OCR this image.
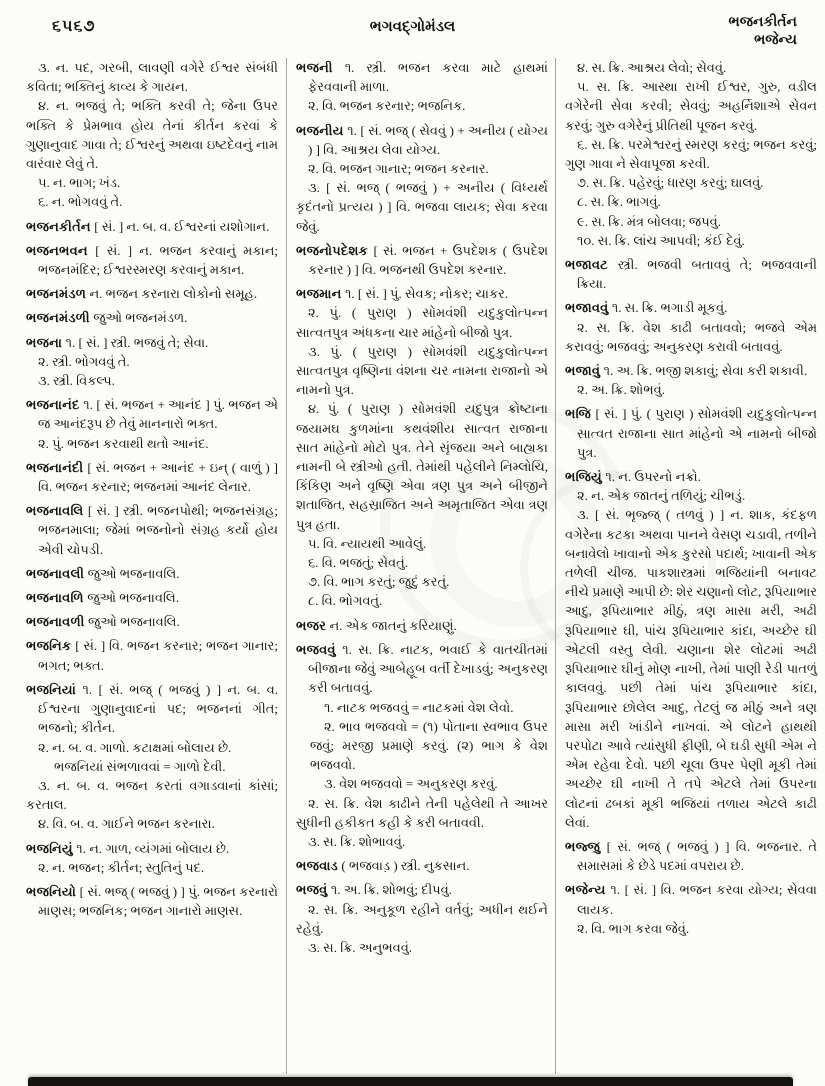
૬૫૬૭	ભગવદ્ગોમંડલ	ભજનકીર્તન
ભજેન્ય
૩. ન. પદ, ગરબી, લાવણી વગેરે ઈશ્વર સંબંધી કવિતા; ભક્તિનું કાવ્ય કે ગાયન.
૪. ન. ભજવું તે; ભક્તિ કરવી તે; જેના ઉપર ભક્તિ કે પ્રેમભાવ હોય તેનાં કીર્તન કરવાં કે ગુણાનુવાદ ગાવા તે; ઈશ્વરનું અથવા ઇષ્ટદેવનું નામ વારંવાર લેવું તે.
૫. ન. ભાગ; ખંડ.
૬. ન. ભોગવવું તે.
ભજનકીર્તન [ સં. ] ન. બ. વ. ઈશ્વરનાં યશોગાન.
ભજનભવન [ સં. ] ન. ભજન કરવાનું મકાન; ભજનમંદિર; ઈશ્વરસ્મરણ કરવાનું મકાન.
ભજનમંડળ ન. ભજન કરનારા લોકોનો સમૂહ.
ભજનમંડળી જુઓ ભજનમંડળ.
ભજના ૧. [ સં. ] સ્ત્રી. ભજવું તે; સેવા.
૨. સ્ત્રી. ભોગવવું તે.
૩. સ્ત્રી. વિકલ્પ.
ભજનાનંદ ૧. [ સં. ભજન + આનંદ ] પું. ભજન એ જ આનંદરૂપ છે તેવું માનનારો ભક્ત.
૨. પું. ભજન કરવાથી થતો આનંદ.
ભજનાનંદી [ સં. ભજન + આનંદ + ઇન્ ( વાળું ) ] વિ. ભજન કરનાર; ભજનમાં આનંદ લેનાર.
ભજનાવલિ [ સં. ] સ્ત્રી. ભજનપોથી; ભજનસંગ્રહ; ભજનમાલા; જેમાં ભજનોનો સંગ્રહ કર્યો હોય એવી ચોપડી.
ભજનાવલી જુઓ ભજનાવલિ.
ભજનાવળિ જુઓ ભજનાવલિ.
ભજનાવળી જુઓ ભજનાવલિ.
ભજનિક [ સં. ] વિ. ભજન કરનાર; ભજન ગાનાર; ભગત; ભક્ત.
ભજનિયાં ૧. [ સં. ભજ્ ( ભજવું ) ] ન. બ. વ. ઈશ્વરના ગુણાનુવાદનાં પદ; ભજનનાં ગીત; ભજનો; કીર્તન.
૨. ન. બ. વ. ગાળો. કટાક્ષમાં બોલાય છે.
ભજનિયાં સંભળાવવાં = ગાળો દેવી.
૩. ન. બ. વ. ભજન કરતાં વગાડવાનાં કાંસાં; કરતાલ.
૪. વિ. બ. વ. ગાઈને ભજન કરનારા.
ભજનિયું ૧. ન. ગાળ, વ્યંગમાં બોલાય છે.
૨. ન. ભજન; કીર્તન; સ્તુતિનું પદ.
ભજનિયો [ સં. ભજ્ ( ભજવું ) ] પું. ભજન કરનારો માણસ; ભજનિક; ભજન ગાનારો માણસ.
ભજની ૧. સ્ત્રી. ભજન કરવા માટે હાથમાં ફેરવવાની માળા.
૨. વિ. ભજન કરનાર; ભજનિક.
ભજનીય ૧. [ સં. ભજ્ ( સેવવું ) + અનીય ( યોગ્ય ) ] વિ. આશ્રય લેવા યોગ્ય.
૨. વિ. ભજન ગાનાર; ભજન કરનાર.
૩. [ સં. ભજ્ ( ભજવું ) + અનીય ( વિધ્યર્થ કૃદંતનો પ્રત્યય ) ] વિ. ભજવા લાયક; સેવા કરવા જેવું.
ભજનોપદેશક [ સં. ભજન + ઉપદેશક ( ઉપદેશ કરનાર ) ] વિ. ભજનથી ઉપદેશ કરનાર.
ભજમાન ૧. [ સં. ] પું. સેવક; નોકર; ચાકર.
૨. પું. ( પુરાણ ) સોમવંશી યદુકુલોત્પન્ન સાત્વતપુત્ર અંધકના ચાર માંહેનો બીજો પુત્ર.
૩. પું. ( પુરાણ ) સોમવંશી યદુકુલોત્પન્ન સાત્વતપુત્ર વૃષ્ણિના વંશના ચર નામના રાજાનો એ નામનો પુત્ર.
૪. પું. ( પુરાણ ) સોમવંશી યદુપુત્ર ક્રોષ્ટાના જયામઘ કુળમાંના કથવંશીય સાત્વત રાજાના સાત માંહેનો મોટો પુત્ર. તેને સૃંજયા અને બાહ્યકા નામની બે સ્ત્રીઓ હતી. તેમાંથી પહેલીને નિમ્લોચિ, કિંકિણ અને વૃષ્ણિ એવા ત્રણ પુત્ર અને બીજીને શતાજિત, સહસ્રાજિત અને અમૃતાજિત એવા ત્રણ પુત્ર હતા.
૫. વિ. ન્યાયથી આવેલું.
૬. વિ. ભજતું; સેવતું.
૭. વિ. ભાગ કરતું; જુદું કરતું.
૮. વિ. ભોગવતું.
ભજર ન. એક જાતનું કરિયાણું.
ભજવવું ૧. સ. ક્રિ. નાટક, ભવાઈ કે વાતચીતમાં બીજાના જેવું આબેહૂબ વર્તી દેખાડવું; અનુકરણ કરી બતાવવું.
૧. નાટક ભજવવું = નાટકમાં વેશ લેવો.
૨. ભાવ ભજવવો = (૧) પોતાના સ્વભાવ ઉપર જવું; મરજી પ્રમાણે કરવું. (૨) ભાગ કે વેશ ભજવવો.
૩. વેશ ભજવવો = અનુકરણ કરવું.
૨. સ. ક્રિ. વેશ કાઢીને તેની પહેલેથી તે આખર સુધીની હકીકત કહી કે કરી બતાવવી.
૩. સ. ક્રિ. શોભાવવું.
ભજવાડ ( ભજવાડ઼ ) સ્ત્રી. નુકસાન.
ભજવું ૧. અ. ક્રિ. શોભવું; દીપવું.
૨. સ. ક્રિ. અનુકૂળ રહીને વર્તવું; અધીન થઈને રહેવું.
૩. સ. ક્રિ. અનુભવવું.
૪. સ. ક્રિ. આશ્રય લેવો; સેવવું.
૫. સ. ક્રિ. આસ્થા રાખી ઈશ્વર, ગુરુ, વડીલ વગેરેની સેવા કરવી; સેવવું; અહર્નિશાએ સેવન કરવું; ગુરુ વગેરેનું પ્રીતિથી પૂજન કરવું.
૬. સ. ક્રિ. પરમેશ્વરનું સ્મરણ કરવું; ભજન કરવું; ગુણ ગાવા ને સેવાપૂજા કરવી.
૭. સ. ક્રિ. પહેરવું; ધારણ કરવું; ઘાલવું.
૮. સ. ક્રિ. ભાગવું.
૯. સ. ક્રિ. મંત્ર બોલવા; જપવું.
૧૦. સ. ક્રિ. લાંચ આપવી; કંઈ દેવું.
ભજાવટ સ્ત્રી. ભજવી બતાવવું તે; ભજવવાની ક્રિયા.
ભજાવવું ૧. સ. ક્રિ. ભગાડી મૂકવું.
૨. સ. ક્રિ. વેશ કાઢી બતાવવો; ભજવે એમ કરાવવું; ભજવવું; અનુકરણ કરાવી બતાવવું.
ભજાવું ૧. અ. ક્રિ. ભજી શકાવું; સેવા કરી શકાવી.
૨. અ. ક્રિ. શોભવું.
ભજિ [ સં. ] પું. ( પુરાણ ) સોમવંશી યદુકુલોત્પન્ન સાત્વત રાજાના સાત માંહેનો એ નામનો બીજો પુત્ર.
ભજિયું ૧. ન. ઉપરનો નક્રો.
૨. ન. એક જાતનું તળિયું; ચીભડું.
૩. [ સં. ભૃજ્જ્ ( તળવું ) ] ન. શાક, કંદફળ વગેરેના કટકા અથવા પાનને વેસણ ચડાવી, તળીને બનાવેલો ખાવાનો એક કુરસો પદાર્થ; ખાવાની એક તળેલી ચીજ. પાકશાસ્ત્રમાં ભજિયાંની બનાવટ નીચે પ્રમાણે આપી છે: શેર ચણાનો લોટ, રૂપિયાભાર આદુ, રૂપિયાભાર મીઠું, ત્રણ માસા મરી, અઢી રૂપિયાભાર ઘી, પાંચ રૂપિયાભાર કાંદા, અચ્છેર ઘી એટલી વસ્તુ લેવી. ચણાના શેર લોટમાં અઢી રૂપિયાભાર ઘીનું મોણ નાખી, તેમાં પાણી રેડી પાતળું કાલવવું. પછી તેમાં પાંચ રૂપિયાભાર કાંદા, રૂપિયાભાર છોલેલ આદુ, તેટલું જ મીઠું અને ત્રણ માસા મરી ખાંડીને નાખવાં. એ લોટને હાથથી પરપોટા આવે ત્યાંસુધી ફીણી, બે ઘડી સુધી એમ ને એમ રહેવા દેવો. પછી ચૂલા ઉપર પેણી મૂકી તેમાં અચ્છેર ઘી નાખી તે તપે એટલે તેમાં ઉપરના લોટનાં ઢબકાં મૂકી ભજિયાં તળાય એટલે કાઢી લેવાં.
ભજ્જુ [ સં. ભજ્ ( ભજવું ) ] વિ. ભજનાર. તે સમાસમાં કે છેડે પદમાં વપરાય છે.
ભજેન્ય ૧. [ સં. ] વિ. ભજન કરવા યોગ્ય; સેવવા લાયક.
૨. વિ. ભાગ કરવા જેવું.
